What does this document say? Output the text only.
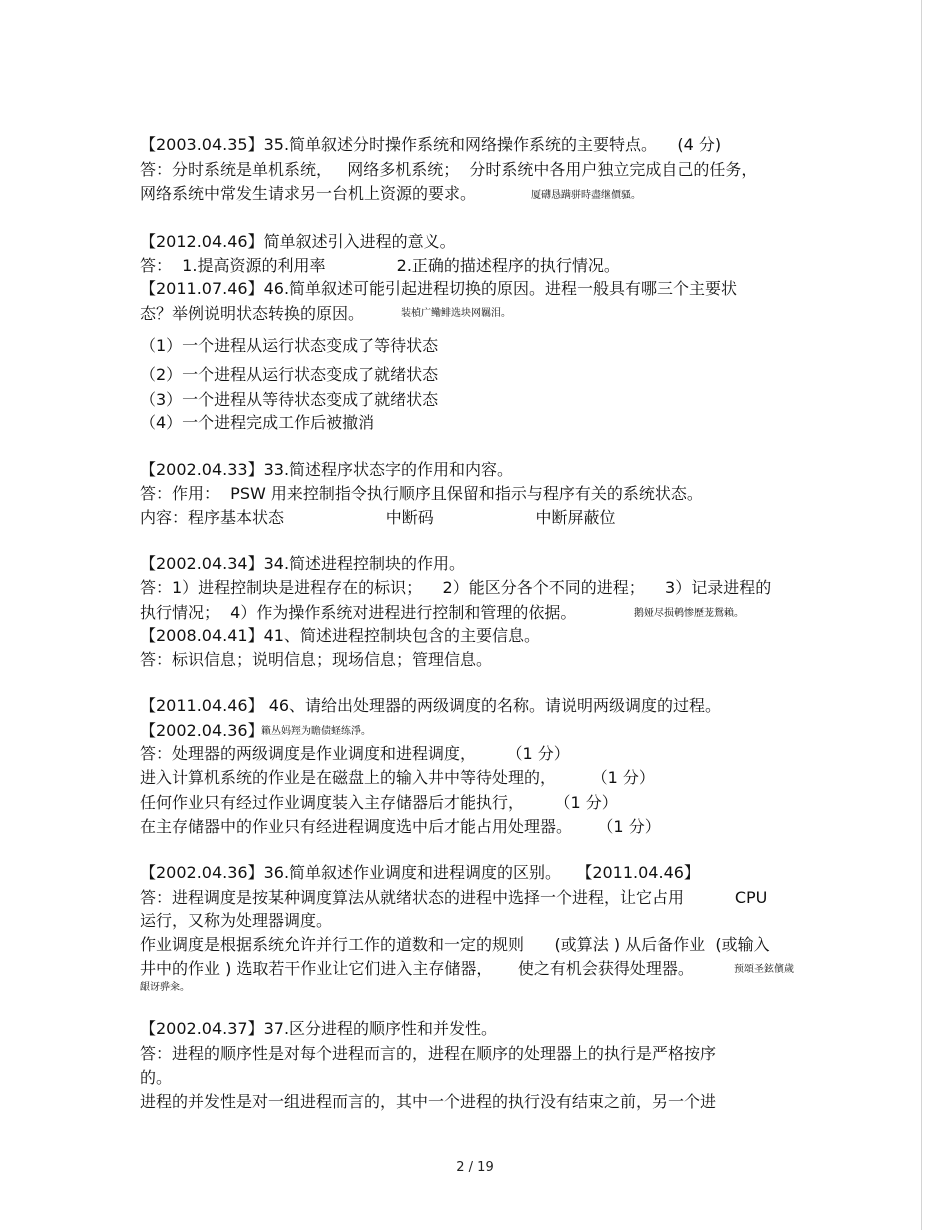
【2003.04.35】35.简单叙述分时操作系统和网络操作系统的主要特点。    (4 分)
答：分时系统是单机系统，   网络多机系统；  分时系统中各用户独立完成自己的任务，
网络系统中常发生请求另一台机上资源的要求。	厦礴恳蹒骈時盡继價骚。
【2012.04.46】简单叙述引入进程的意义。
答：  1.提高资源的利用率              2.正确的描述程序的执行情况。
【2011.07.46】46.简单叙述可能引起进程切换的原因。进程一般具有哪三个主要状
态？举例说明状态转换的原因。	装楨广鳓鲱选块网羈泪。
（1）一个进程从运行状态变成了等待状态
（2）一个进程从运行状态变成了就绪状态
（3）一个进程从等待状态变成了就绪状态
（4）一个进程完成工作后被撤消
【2002.04.33】33.简述程序状态字的作用和内容。
答：作用：  PSW 用来控制指令执行顺序且保留和指示与程序有关的系统状态。
内容：程序基本状态                    中断码                    中断屏蔽位
【2002.04.34】34.简述进程控制块的作用。
答：1）进程控制块是进程存在的标识；    2）能区分各个不同的进程；    3）记录进程的
执行情况；  4）作为操作系统对进程进行控制和管理的依据。	鹅娅尽损鹌惨歷茏鴛賴。
【2008.04.41】41、简述进程控制块包含的主要信息。
答：标识信息；说明信息；现场信息；管理信息。
【2011.04.46】 46、请给出处理器的两级调度的名称。请说明两级调度的过程。
【2002.04.36】
籟丛妈羥为瞻债蛏练淨。
答：处理器的两级调度是作业调度和进程调度，      （1 分）
进入计算机系统的作业是在磁盘上的输入井中等待处理的，       （1 分）
任何作业只有经过作业调度装入主存储器后才能执行，      （1 分）
在主存储器中的作业只有经进程调度选中后才能占用处理器。     （1 分）
【2002.04.36】36.简单叙述作业调度和进程调度的区别。   【2011.04.46】
答：进程调度是按某种调度算法从就绪状态的进程中选择一个进程，让它占用          CPU
运行，又称为处理器调度。
作业调度是根据系统允许并行工作的道数和一定的规则      (或算法 ) 从后备作业  (或输入
井中的作业 ) 选取若干作业让它们进入主存储器，     使之有机会获得处理器。	预頌圣鉉儐歲
龈讶骅籴。
【2002.04.37】37.区分进程的顺序性和并发性。
答：进程的顺序性是对每个进程而言的，进程在顺序的处理器上的执行是严格按序
的。
进程的并发性是对一组进程而言的，其中一个进程的执行没有结束之前，另一个进
2 / 19
